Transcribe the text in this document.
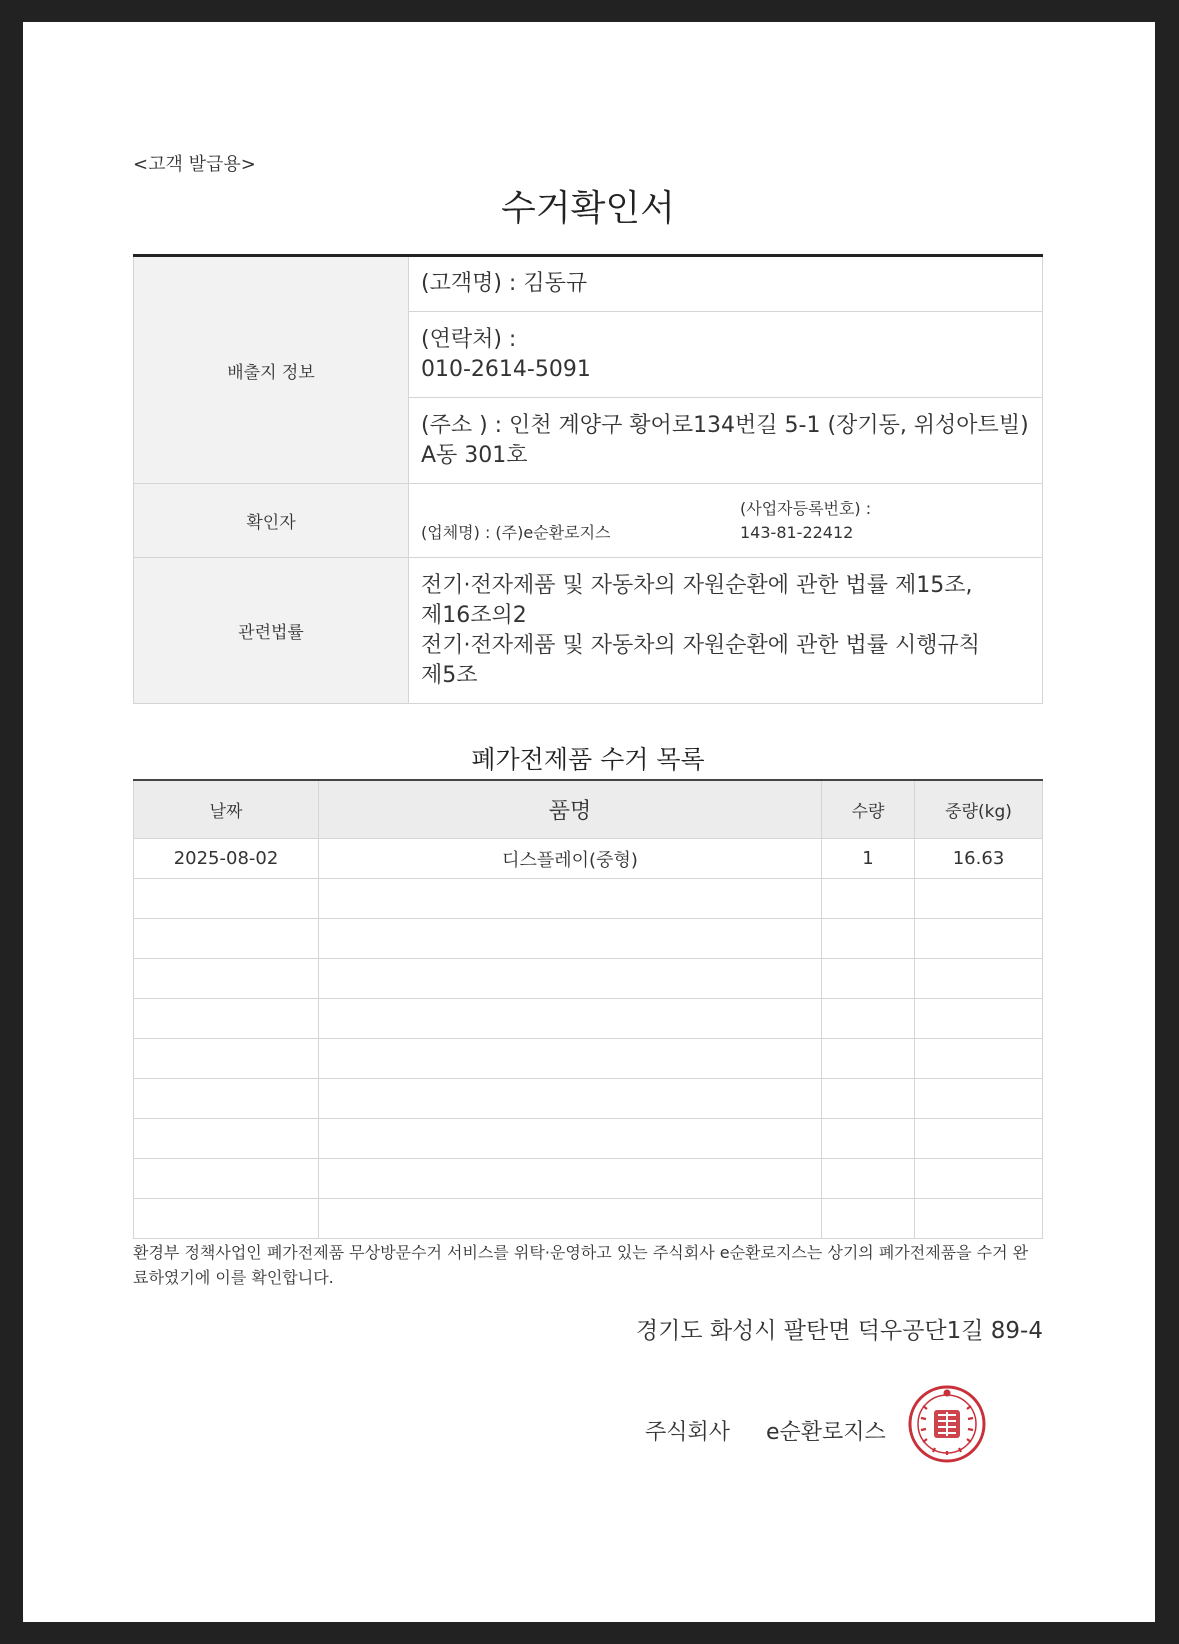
<고객 발급용>
수거확인서
배출지 정보	(고객명) : 김동규

	(연락처) :
010-2614-5091

	(주소 ) : 인천 계양구 황어로134번길 5-1 (장기동, 위성아트빌) A동 301호
확인자	(업체명) : (주)e순환로지스
(사업자등록번호) :
143-81-22412

관련법률	전기·전자제품 및 자동차의 자원순환에 관한 법률 제15조, 제16조의2
전기·전자제품 및 자동차의 자원순환에 관한 법률 시행규칙 제5조
폐가전제품 수거 목록
날짜	품명	수량	중량(kg)
2025-08-02	디스플레이(중형)	1	16.63

환경부 정책사업인 폐가전제품 무상방문수거 서비스를 위탁·운영하고 있는 주식회사 e순환로지스는 상기의 폐가전제품을 수거 완료하였기에 이를 확인합니다.
경기도 화성시 팔탄면 덕우공단1길 89-4
주식회사 e순환로지스
